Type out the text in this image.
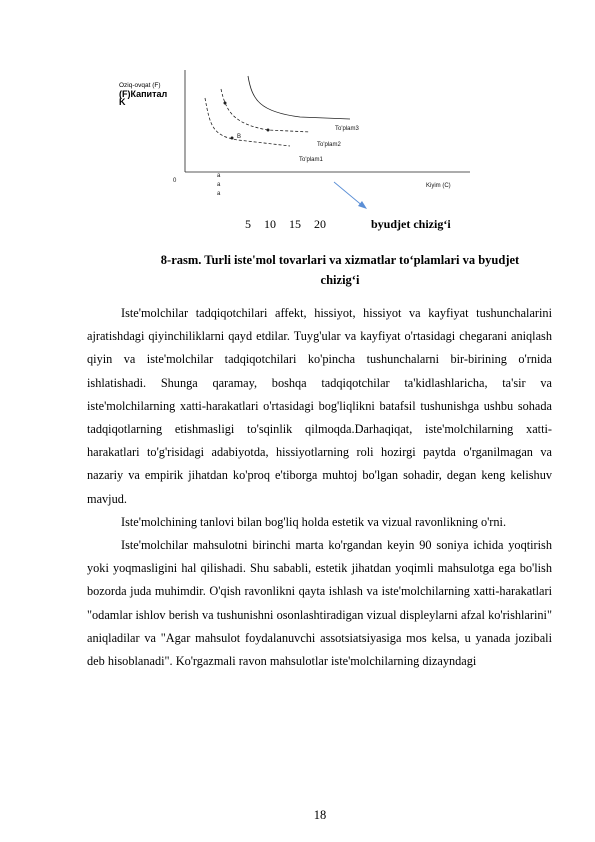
Oziq-ovqat (F)
(F)Капитал
K
0
Kiyim (C)
To'plam3
To'plam2
To'plam1
B
a
a
a
5 10 15 20	byudjet chizig‘i
8-rasm. Turli iste'mol tovarlari va xizmatlar to‘plamlari va byudjet
chizig‘i

Iste'molchilar tadqiqotchilari affekt, hissiyot, hissiyot va kayfiyat tushunchalarini ajratishdagi qiyinchiliklarni qayd etdilar. Tuyg'ular va kayfiyat o'rtasidagi chegarani aniqlash qiyin va iste'molchilar tadqiqotchilari ko'pincha tushunchalarni bir-birining o'rnida ishlatishadi. Shunga qaramay, boshqa tadqiqotchilar ta'kidlashlaricha, ta'sir va iste'molchilarning xatti-harakatlari o'rtasidagi bog'liqlikni batafsil tushunishga ushbu sohada tadqiqotlarning etishmasligi to'sqinlik qilmoqda.Darhaqiqat, iste'molchilarning xatti-harakatlari to'g'risidagi adabiyotda, hissiyotlarning roli hozirgi paytda o'rganilmagan va nazariy va empirik jihatdan ko'proq e'tiborga muhtoj bo'lgan sohadir, degan keng kelishuv mavjud.

Iste'molchining tanlovi bilan bog'liq holda estetik va vizual ravonlikning o'rni.

Iste'molchilar mahsulotni birinchi marta ko'rgandan keyin 90 soniya ichida yoqtirish yoki yoqmasligini hal qilishadi. Shu sababli, estetik jihatdan yoqimli mahsulotga ega bo'lish bozorda juda muhimdir. O'qish ravonlikni qayta ishlash va iste'molchilarning xatti-harakatlari "odamlar ishlov berish va tushunishni osonlashtiradigan vizual displeylarni afzal ko'rishlarini" aniqladilar va "Agar mahsulot foydalanuvchi assotsiatsiyasiga mos kelsa, u yanada jozibali deb hisoblanadi". Ko'rgazmali ravon mahsulotlar iste'molchilarning dizayndagi

18
